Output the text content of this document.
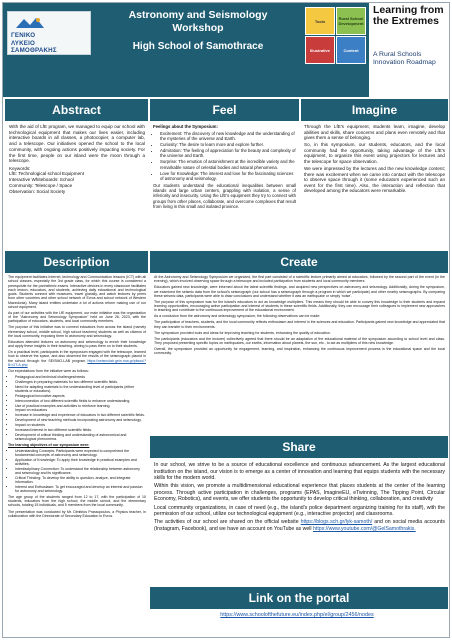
ΓΕΝΙΚΟ
ΛΥΚΕΙΟ
ΣΑΜΟΘΡΑΚΗΣ
Astronomy and Seismology
Workshop
High School of Samothrace
Tools	Rural School Development
Illustrative	Content
Learning from the Extremes
A Rural Schools Innovation Roadmap
Abstract

With the aid of LfE program, we managed to equip our school with technological equipment that makes our lives easier, including interactive boards in all classes, a photocopier, a computer lab, and a telescope. Our initiatives opened the school to the local community, with ongoing actions positively impacting society. For the first time, people on our island were the moon through a telescope.

Keywords:
LfE: Technological school Equipment
Interactive Whiteboards: School
Community: Telescope / Space
Observation: Social Society
Feel

Feelings about the Symposium:

• Excitement: The discovery of new knowledge and the understanding of the mysteries of the universe and Earth.
• Curiosity: The desire to learn more and explore further.
• Admiration: The feeling of appreciation for the beauty and complexity of the universe and Earth.
• Surprise: The emotion of astonishment at the incredible variety and the remarkable nature of celestial bodies and natural phenomena.
• Love for Knowledge: The interest and love for the fascinating sciences of astronomy and seismology.

Our students understand the educational inequalities between small islands and large urban centers, grappling with isolation, a sense of inferiority and insecurity. Using the LfE's equipment they try to connect with groups from other places, collaborate, and overcome complexes that result from living in this small and isolated province.

Imagine

Through the LfE's equipment, students learn, imagine, develop abilities and skills, share concerns and plans even remotely and that gives them a sense of belonging.

So, in this symposium, our students, educators, and the local community had the opportunity, taking advantage of the LfE's equipment, to organize this event using projectors for lectures and the telescope for space observation.

We were impressed by the lectures and the new knowledge content; there was excitement when we came into contact with the telescope to observe space through it (some educators experienced such an event for the first time). Also, the interaction and reflection that developed among the educators were remarkable.

Description

The equipment facilitates Internet, technology and Communication lessons (ICT) with all school classes, especially the 3rd grade class, for which this course is considered a prerequisite for the panhellenic exams. Interactive devices in every classroom facilitates each lesson, educators, and students, achieving daily educational and technological goals. Students connect with museums, travel globally, and watch lectures by peers from other countries and other school network of Evros and school network of Western Macedonia). Many island entities undertake a lot of actions reform making use of our school equipment.

As part of our activities with the LfE equipment, our main initiative was the organization of the "Astronomy and Seismology Symposium" held on June 26, 2023, with the participation of educators, students, and local community members.

The purpose of this initiative was to connect educators from across the island (namely elementary school, middle school, high school teachers) students as well as citizens of the local community, exposing them to astronomy and seismology.

Educators attended lectures on astronomy and seismology to enrich their knowledge and apply these insights in their teaching, aiming to pass them on to their students.

On a practical level, participants in the symposium engaged with the telescope, learned how to observe the space, and also observed the results of the seismograph placed in the school through the SEISMO-LAB program https://seismolab.gein.noa.gr/pitsos/?B=GT-A.php

Our expectations from the initiative were as follows:

• Pedagogical and technical challenges/needs
• Challenges in preparing materials for two different scientific fields.
• Need for adapting materials to the understanding level of participants (either students or educators).
• Pedagogical innovative aspects
• Interconnection of two different scientific fields to enhance understanding.
• Use of practical examples and activities to reinforce learning.
• Impact on educators
• Increase in knowledge and experience of educators in two different scientific fields.
• Development of new teaching methods incorporating astronomy and seismology.
• Impact on students
• Increased interest in two different scientific fields.
• Development of critical thinking and understanding of astronomical and seismological phenomena.

The learning objectives of our symposium were:

• Understanding Concepts: Participants were expected to comprehend the fundamental concepts of astronomy and seismology.
• Application of Knowledge: To apply their knowledge in practical examples and activities.
• Interdisciplinary Connection: To understand the relationship between astronomy and seismology and its significance.
• Critical Thinking: To develop the ability to question, analyze, and integrate information.
• Interest and Enthusiasm: To get encouraged and develop an interest and passion for astronomy and seismology.

The age group of the students ranged from 12 to 17, with the participation of 10 students, educators from the high school, the middle school, and the elementary schools, totaling 15 individuals, and 5 members from the local community.

The presentation was conducted by Mr. Dimitrios Prassopoulos, a Physics teacher, in collaboration with the Directorate of Secondary Education in Evros.

Create

At the Astronomy and Seismology Symposium we organized, the first part consisted of a scientific lecture primarily aimed at educators, followed by the second part of the event (in the evening), which involved observing space through a telescope and included participation from students and local community members.

Educators gained new knowledge, were informed about the latest scientific findings, and acquired new perspectives on astronomy and seismology. Additionally, during the symposium, we examined the seismic data from the school's seismograph (our school has a seismograph through a program in which we participate) and other nearby seismographs. By comparing these seismic data, participants were able to draw conclusions and understand whether it was an earthquake or simply 'noise'.

The purpose of this symposium was for the island's educators to act as knowledge multipliers. This means they should be able to convey this knowledge to their students and expand learning opportunities, encouraging active participation and interest of students in these scientific fields. Additionally, they can encourage their colleagues to implement new approaches in teaching and contribute to the continuous improvement of the educational environment.

As a conclusion from the astronomy and seismology symposium, the following observations can be made:

The participation of teachers, students, and the local community reflects enthusiasm and interest in the sciences and education. Participants gained new knowledge and appreciated that they can transfer to their environments.

The symposium provided tools and ideas for improving teaching for students, enhancing the quality of education.

The participants (educators and the lecturer) collectively agreed that there should be an adaptation of the educational material of the symposium according to school level and class. They proposed presenting specific topics on earthquakes, our earths, information about planets, the sun, etc., to act as multipliers of this new knowledge.

Overall, the symposium provided an opportunity for engagement, learning, and inspiration, enhancing the continuous improvement process in the educational space and the local community.

Share

In our school, we strive to be a source of educational excellence and continuous advancement. As the largest educational institution on the island, our vision is to emerge as a center of innovation and learning that equips students with the necessary skills for the modern world.

Within this vision, we promote a multidimensional educational experience that places students at the center of the learning process. Through active participation in challenges, programs (EPAS, ImagineEU, eTwinning, The Tipping Point, Circular Economy, Robotics), and events, we offer students the opportunity to develop critical thinking, collaboration, and creativity

Local community organizations, in case of need (e.g., the island's police department organizing training for its staff), with the permission of our school, utilize our technological equipment (e.g., interactive projector) and classrooms.

The activities of our school are shared on the official website https://blogs.sch.gr/lyk-samoth/ and on social media accounts (Instagram, Facebook), and we have an account on YouTube as well https://www.youtube.com/@GelSamothrakis.

Link on the portal
https://www.schoolofthefuture.eu/index.php/el/group/2456/nodes
